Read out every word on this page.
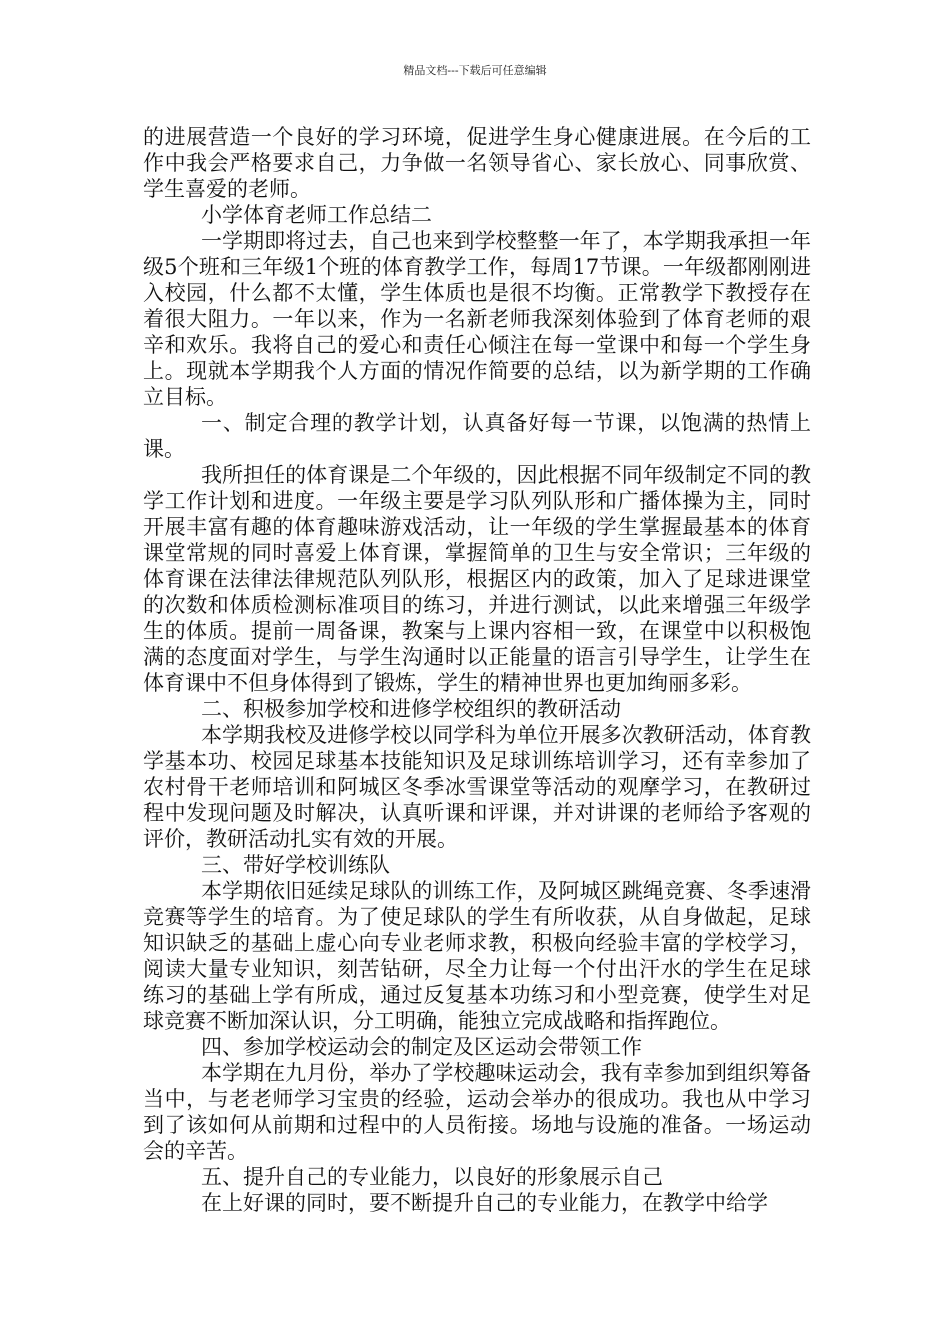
精品文档---下载后可任意编辑

的进展营造一个良好的学习环境，促进学生身心健康进展。在今后的工作中我会严格要求自己，力争做一名领导省心、家长放心、同事欣赏、学生喜爱的老师。

小学体育老师工作总结二

一学期即将过去，自己也来到学校整整一年了，本学期我承担一年级5个班和三年级1个班的体育教学工作，每周17节课。一年级都刚刚进入校园，什么都不太懂，学生体质也是很不均衡。正常教学下教授存在着很大阻力。一年以来，作为一名新老师我深刻体验到了体育老师的艰辛和欢乐。我将自己的爱心和责任心倾注在每一堂课中和每一个学生身上。现就本学期我个人方面的情况作简要的总结，以为新学期的工作确立目标。

一、制定合理的教学计划，认真备好每一节课，以饱满的热情上课。

我所担任的体育课是二个年级的，因此根据不同年级制定不同的教学工作计划和进度。一年级主要是学习队列队形和广播体操为主，同时开展丰富有趣的体育趣味游戏活动，让一年级的学生掌握最基本的体育课堂常规的同时喜爱上体育课，掌握简单的卫生与安全常识；三年级的体育课在法律法律规范队列队形，根据区内的政策，加入了足球进课堂的次数和体质检测标准项目的练习，并进行测试，以此来增强三年级学生的体质。提前一周备课，教案与上课内容相一致，在课堂中以积极饱满的态度面对学生，与学生沟通时以正能量的语言引导学生，让学生在体育课中不但身体得到了锻炼，学生的精神世界也更加绚丽多彩。

二、积极参加学校和进修学校组织的教研活动

本学期我校及进修学校以同学科为单位开展多次教研活动，体育教学基本功、校园足球基本技能知识及足球训练培训学习，还有幸参加了农村骨干老师培训和阿城区冬季冰雪课堂等活动的观摩学习，在教研过程中发现问题及时解决，认真听课和评课，并对讲课的老师给予客观的评价，教研活动扎实有效的开展。

三、带好学校训练队

本学期依旧延续足球队的训练工作，及阿城区跳绳竞赛、冬季速滑竞赛等学生的培育。为了使足球队的学生有所收获，从自身做起，足球知识缺乏的基础上虚心向专业老师求教，积极向经验丰富的学校学习，阅读大量专业知识，刻苦钻研，尽全力让每一个付出汗水的学生在足球练习的基础上学有所成，通过反复基本功练习和小型竞赛，使学生对足球竞赛不断加深认识，分工明确，能独立完成战略和指挥跑位。

四、参加学校运动会的制定及区运动会带领工作

本学期在九月份，举办了学校趣味运动会，我有幸参加到组织筹备当中，与老老师学习宝贵的经验，运动会举办的很成功。我也从中学习到了该如何从前期和过程中的人员衔接。场地与设施的准备。一场运动会的辛苦。

五、提升自己的专业能力，以良好的形象展示自己

在上好课的同时，要不断提升自己的专业能力，在教学中给学
